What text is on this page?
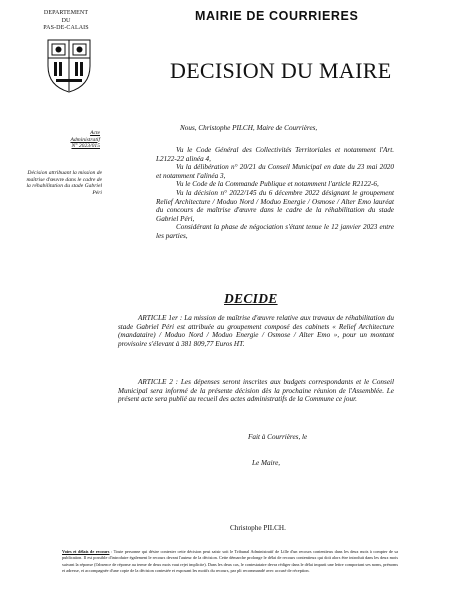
DEPARTEMENT
DU
PAS-DE-CALAIS
MAIRIE DE COURRIERES
DECISION DU MAIRE
Acte
Administratif
N° 2023/015
Décision attribuant la mission de maîtrise d'œuvre dans le cadre de la réhabilitation du stade Gabriel Péri
Nous, Christophe PILCH, Maire de Courrières,
Vu le Code Général des Collectivités Territoriales et notamment l'Art. L2122-22 alinéa 4,
Vu la délibération n° 20/21 du Conseil Municipal en date du 23 mai 2020 et notamment l'alinéa 3,
Vu le Code de la Commande Publique et notamment l'article R2122-6,
Vu la décision n° 2022/145 du 6 décembre 2022 désignant le groupement Relief Architecture / Moduo Nord / Moduo Energie / Osmose / Alter Emo lauréat du concours de maîtrise d'œuvre dans le cadre de la réhabilitation du stade Gabriel Péri,
Considérant la phase de négociation s'étant tenue le 12 janvier 2023 entre les parties,
DECIDE
ARTICLE 1er : La mission de maîtrise d'œuvre relative aux travaux de réhabilitation du stade Gabriel Péri est attribuée au groupement composé des cabinets « Relief Architecture (mandataire) / Moduo Nord / Moduo Energie / Osmose / Alter Emo », pour un montant provisoire s'élevant à 381 809,77 Euros HT.
ARTICLE 2 : Les dépenses seront inscrites aux budgets correspondants et le Conseil Municipal sera informé de la présente décision dès la prochaine réunion de l'Assemblée. Le présent acte sera publié au recueil des actes administratifs de la Commune ce jour.
Fait à Courrières, le
Le Maire,
Christophe PILCH.
Voies et délais de recours : Toute personne qui désire contester cette décision peut saisir soit le Tribunal Administratif de Lille d'un recours contentieux dans les deux mois à compter de sa publication. Il est possible d'introduire également le recours devant l'auteur de la décision. Cette démarche prolonge le délai de recours contentieux qui doit alors être introduit dans les deux mois suivant la réponse (l'absence de réponse au terme de deux mois vaut rejet implicite). Dans les deux cas, le contestataire devra rédiger dans le délai imparti une lettre comportant ses noms, prénoms et adresse, et accompagnée d'une copie de la décision contestée et exposant les motifs du recours, par pli recommandé avec accusé de réception.
